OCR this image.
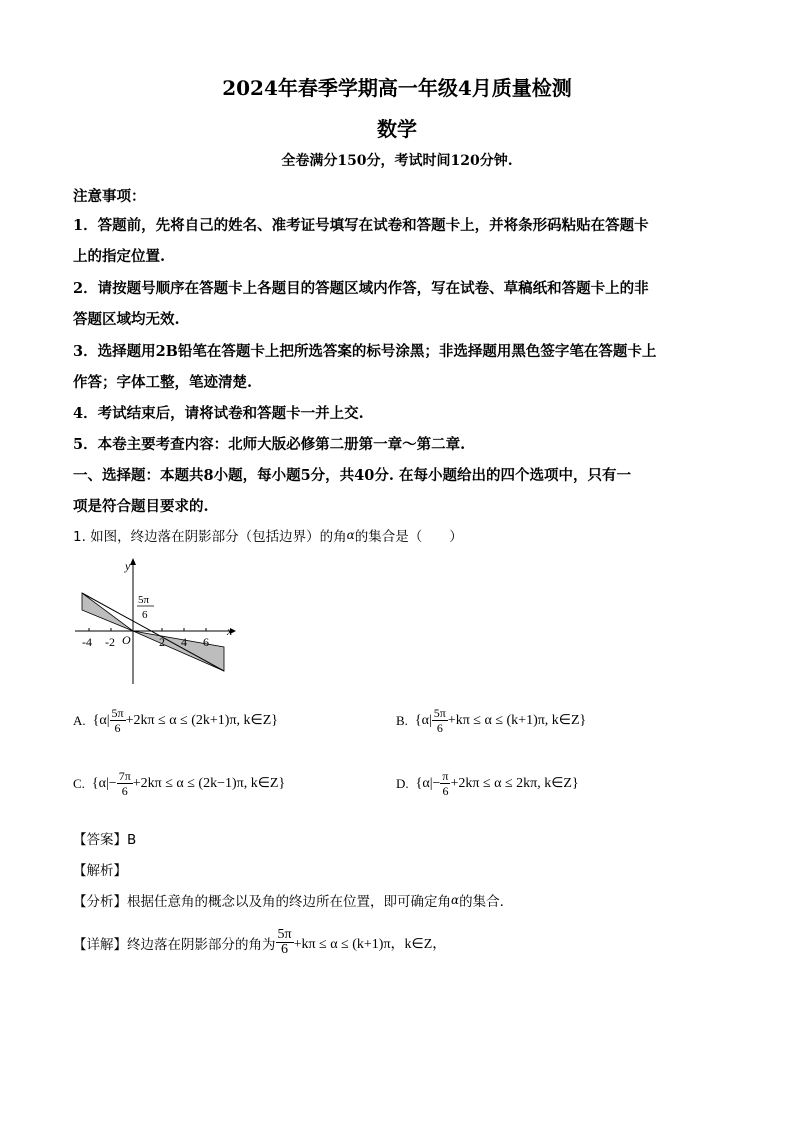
2024年春季学期高一年级4月质量检测
数学
全卷满分150分，考试时间120分钟.
注意事项：
1．答题前，先将自己的姓名、准考证号填写在试卷和答题卡上，并将条形码粘贴在答题卡
上的指定位置.
2．请按题号顺序在答题卡上各题目的答题区域内作答，写在试卷、草稿纸和答题卡上的非
答题区域均无效.
3．选择题用2B铅笔在答题卡上把所选答案的标号涂黑；非选择题用黑色签字笔在答题卡上
作答；字体工整，笔迹清楚.
4．考试结束后，请将试卷和答题卡一并上交.
5．本卷主要考查内容：北师大版必修第二册第一章～第二章.
一、选择题：本题共8小题，每小题5分，共40分. 在每小题给出的四个选项中，只有一
项是符合题目要求的.
1. 如图，终边落在阴影部分（包括边界）的角α的集合是（　　）
y
x
O
5π
6
-4 -2	2 4 6
A.
{$\alpha| \frac{5\pi}{6} +2k\pi \le \alpha \le (2k+1)\pi$, k∈Z}	B.
{$\alpha| \frac{5\pi}{6} +k\pi \le \alpha \le (k+1)\pi$, k∈Z}
C.
{$\alpha|- \frac{7\pi}{6} +2k\pi \le \alpha \le (2k-1)\pi$, k∈Z}	D.
{$\alpha|- \frac{\pi}{6} +2k\pi \le \alpha \le 2k\pi$, k∈Z}
【答案】B
【解析】
【分析】根据任意角的概念以及角的终边所在位置，即可确定角α的集合.
【详解】 终边落在阴影部分的角为 $\frac{5\pi}{6} +k\pi \le \alpha \le (k+1)\pi$，k∈Z，
